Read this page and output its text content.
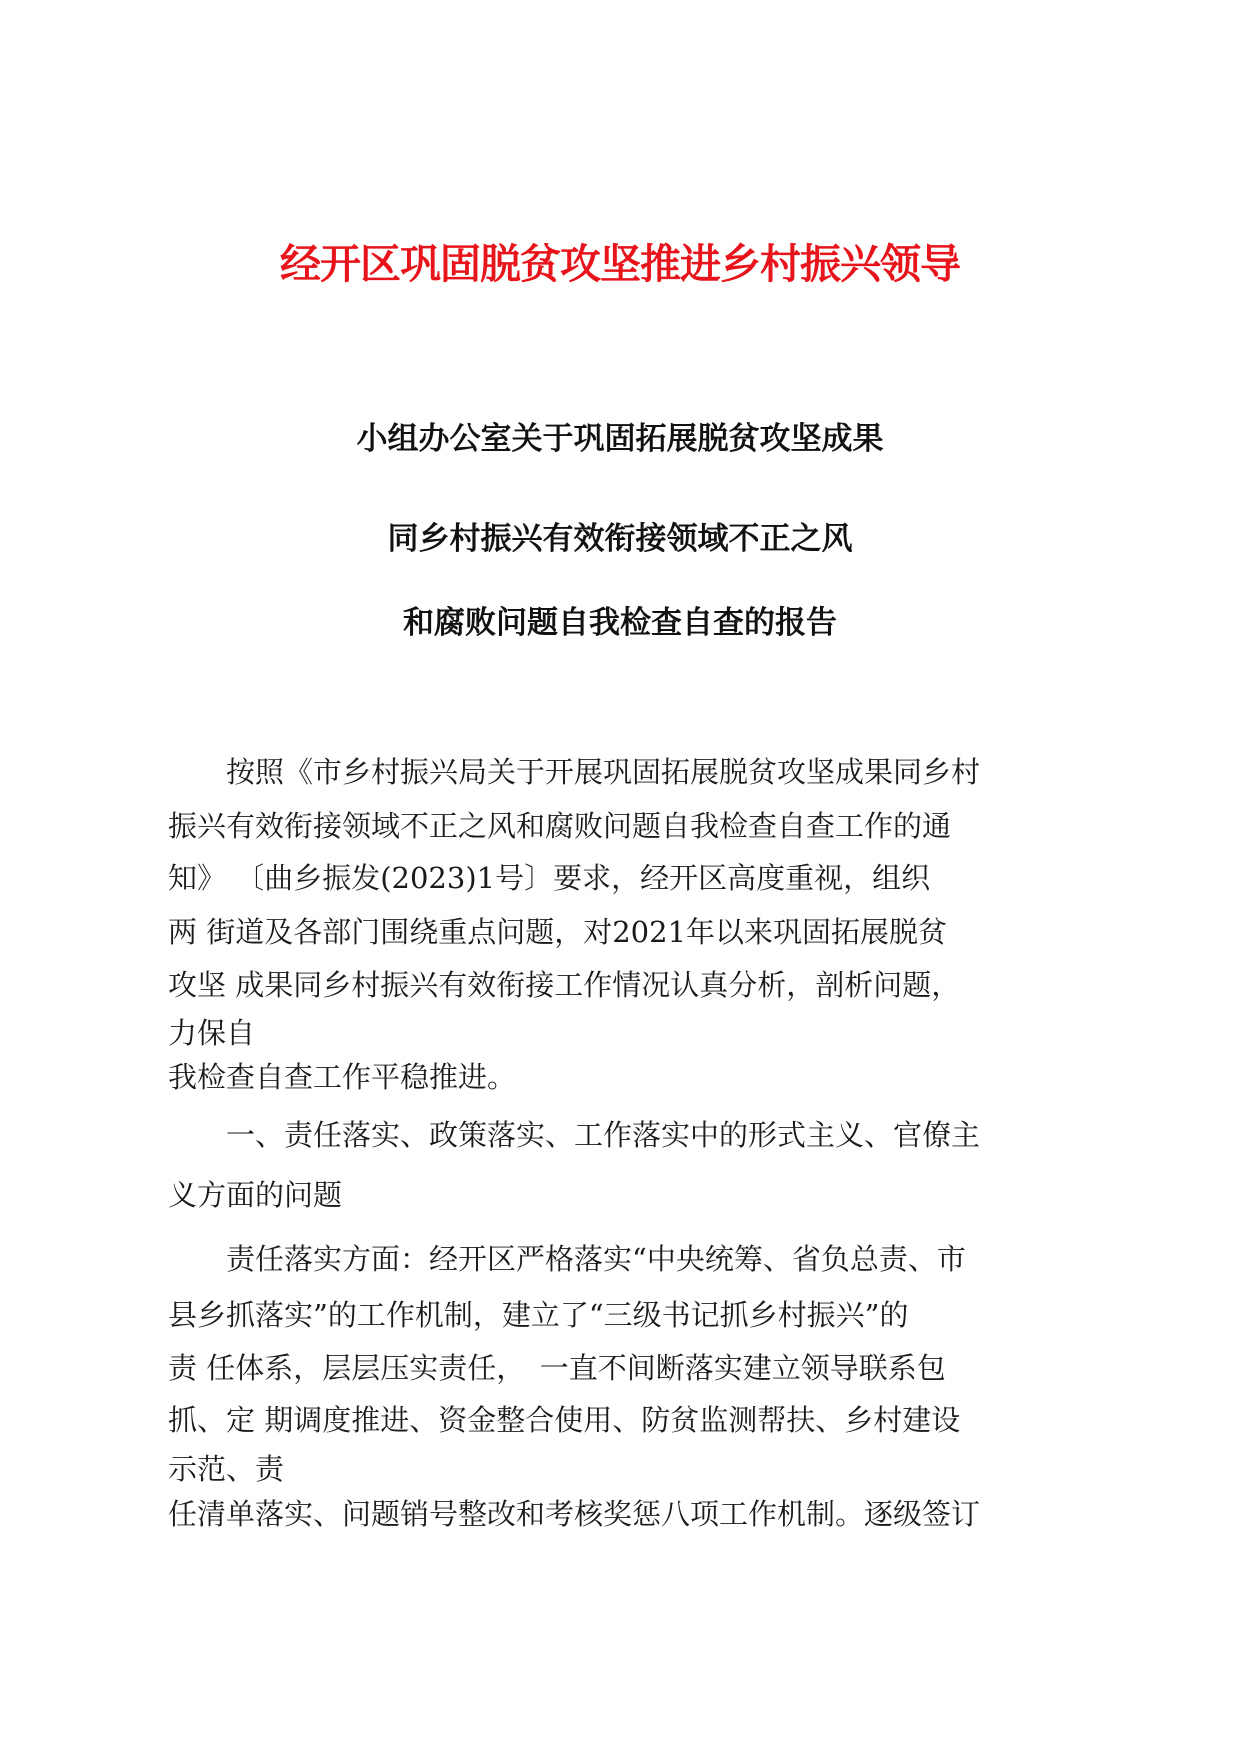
经开区巩固脱贫攻坚推进乡村振兴领导
小组办公室关于巩固拓展脱贫攻坚成果
同乡村振兴有效衔接领域不正之风
和腐败问题自我检查自查的报告
　　按照《市乡村振兴局关于开展巩固拓展脱贫攻坚成果同乡村
振兴有效衔接领域不正之风和腐败问题自我检查自查工作的通
知》 〔曲乡振发(2023)1号〕要求，经开区高度重视，组织
两 街道及各部门围绕重点问题，对2021年以来巩固拓展脱贫
攻坚 成果同乡村振兴有效衔接工作情况认真分析，剖析问题，
力保自
我检查自查工作平稳推进。
　　一、责任落实、政策落实、工作落实中的形式主义、官僚主
义方面的问题
　　责任落实方面：经开区严格落实“中央统筹、省负总责、市
县乡抓落实”的工作机制，建立了“三级书记抓乡村振兴”的
责 任体系，层层压实责任，　一直不间断落实建立领导联系包
抓、定 期调度推进、资金整合使用、防贫监测帮扶、乡村建设
示范、责
任清单落实、问题销号整改和考核奖惩八项工作机制。逐级签订
